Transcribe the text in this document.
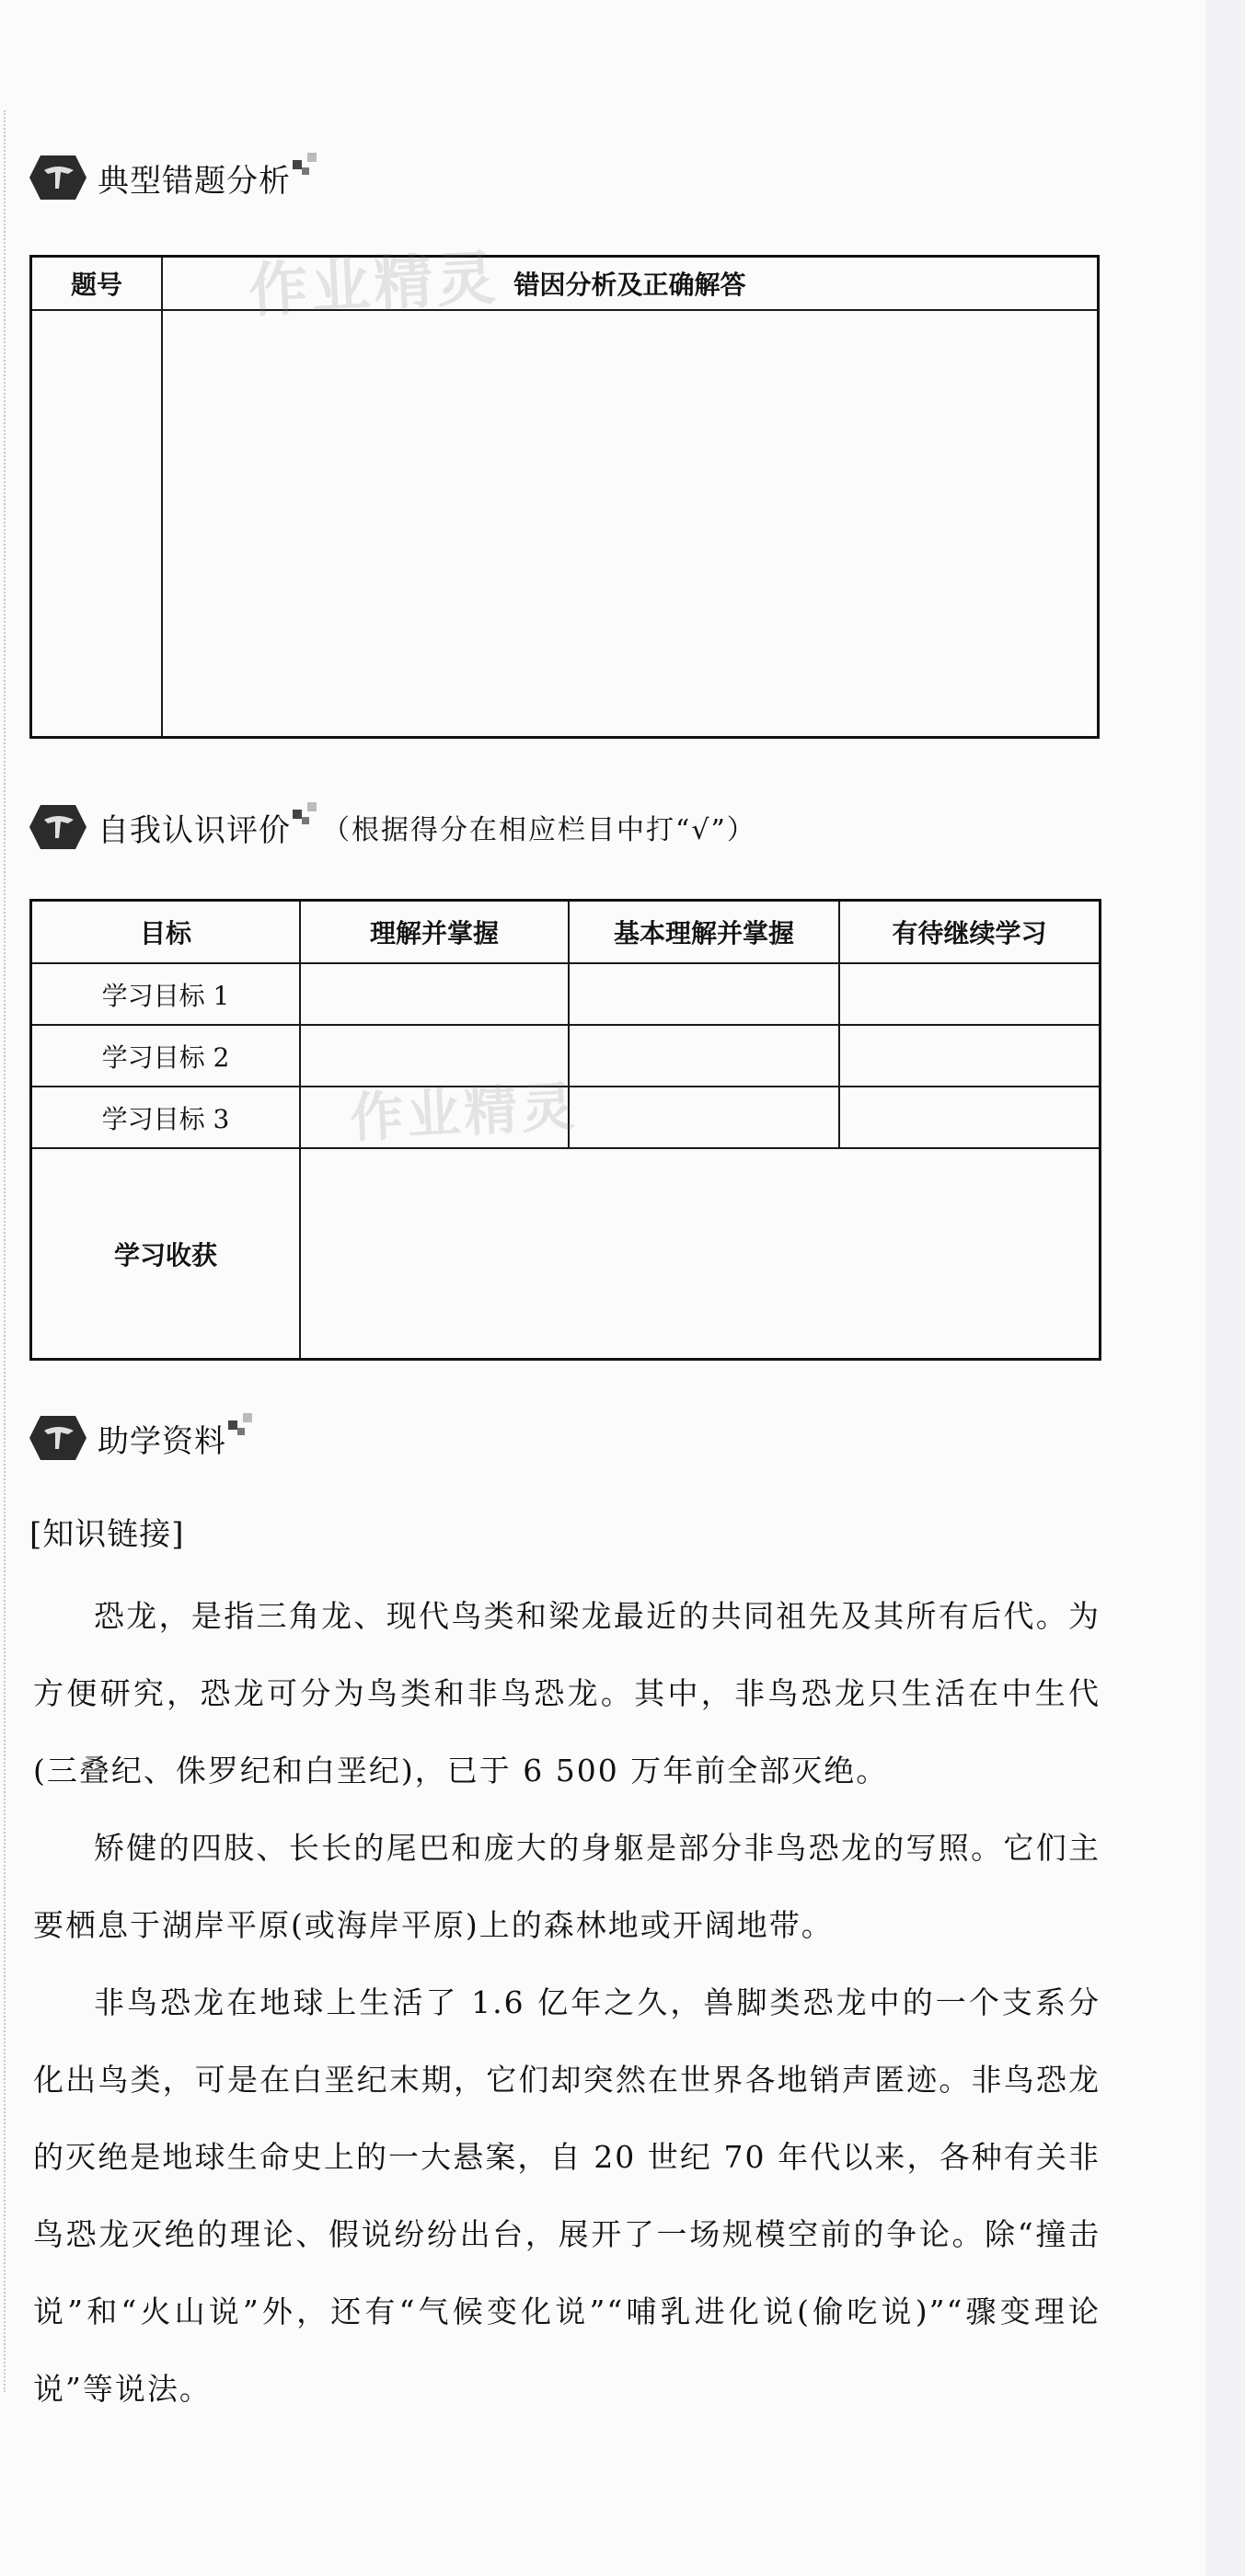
典型错题分析
题号	错因分析及正确解答

作业精灵
自我认识评价 （根据得分在相应栏目中打“√”）
目标	理解并掌握	基本理解并掌握	有待继续学习
学习目标 1			
学习目标 2			
学习目标 3			
学习收获			
作业精灵
助学资料
[知识链接]

恐龙，是指三角龙、现代鸟类和梁龙最近的共同祖先及其所有后代。为方便研究，恐龙可分为鸟类和非鸟恐龙。其中，非鸟恐龙只生活在中生代(三叠纪、侏罗纪和白垩纪)，已于 6 500 万年前全部灭绝。

矫健的四肢、长长的尾巴和庞大的身躯是部分非鸟恐龙的写照。它们主要栖息于湖岸平原(或海岸平原)上的森林地或开阔地带。

非鸟恐龙在地球上生活了 1.6 亿年之久，兽脚类恐龙中的一个支系分化出鸟类，可是在白垩纪末期，它们却突然在世界各地销声匿迹。非鸟恐龙的灭绝是地球生命史上的一大悬案，自 20 世纪 70 年代以来，各种有关非鸟恐龙灭绝的理论、假说纷纷出台，展开了一场规模空前的争论。除“撞击说”和“火山说”外，还有“气候变化说”“哺乳进化说(偷吃说)”“骤变理论说”等说法。
